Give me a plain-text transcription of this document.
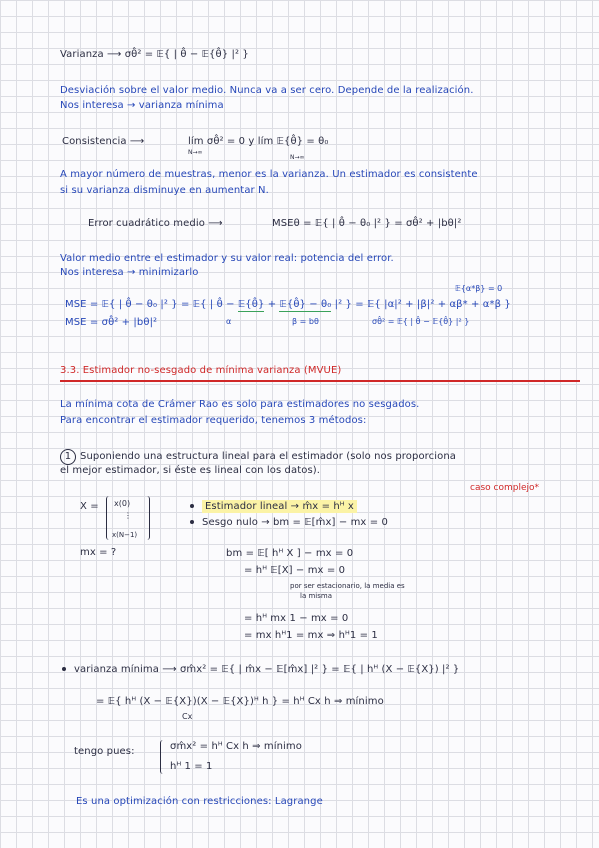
Varianza ⟶ σθ̂² = 𝔼{ | θ̂ − 𝔼{θ̂} |² }
Desviación sobre el valor medio. Nunca va a ser cero. Depende de la realización.
Nos interesa → varianza mínima
Consistencia ⟶	lím σθ̂² = 0 y lím 𝔼{θ̂} = θ₀
N→∞
N→∞
A mayor número de muestras, menor es la varianza. Un estimador es consistente
si su varianza disminuye en aumentar N.
Error cuadrático medio ⟶	MSEθ = 𝔼{ | θ̂ − θ₀ |² } = σθ̂² + |bθ|²
Valor medio entre el estimador y su valor real: potencia del error.
Nos interesa → minimizarlo
𝔼{α*β} = 0
MSE = 𝔼{ | θ̂ − θ₀ |² } = 𝔼{ | θ̂ − 𝔼{θ̂} + 𝔼{θ̂} − θ₀ |² } = 𝔼{ |α|² + |β|² + αβ* + α*β }
MSE = σθ̂² + |bθ|²	α	β = bθ	σθ̂² = 𝔼{ | θ̂ − 𝔼{θ̂} |² }
3.3. Estimador no-sesgado de mínima varianza (MVUE)
La mínima cota de Crámer Rao es solo para estimadores no sesgados.
Para encontrar el estimador requerido, tenemos 3 métodos:
1 Suponiendo una estructura lineal para el estimador (solo nos proporciona
el mejor estimador, si éste es lineal con los datos).
caso complejo*
X = x(0)
⋮
x(N−1)
mx = ?
Estimador lineal → m̂x = hᴴ x
Sesgo nulo → bm = 𝔼[m̂x] − mx = 0
bm = 𝔼[ hᴴ X ] − mx = 0
= hᴴ 𝔼[X] − mx = 0
por ser estacionario, la media es
la misma
= hᴴ mx 1 − mx = 0
= mx hᴴ1 = mx ⇒ hᴴ1 = 1
varianza mínima ⟶ σm̂x² = 𝔼{ | m̂x − 𝔼[m̂x] |² } = 𝔼{ | hᴴ (X − 𝔼{X}) |² }
= 𝔼{ hᴴ (X − 𝔼{X})(X − 𝔼{X})ᴴ h } = hᴴ Cx h ⇒ mínimo
Cx
tengo pues:	σm̂x² = hᴴ Cx h ⇒ mínimo
hᴴ 1 = 1
Es una optimización con restricciones: Lagrange
